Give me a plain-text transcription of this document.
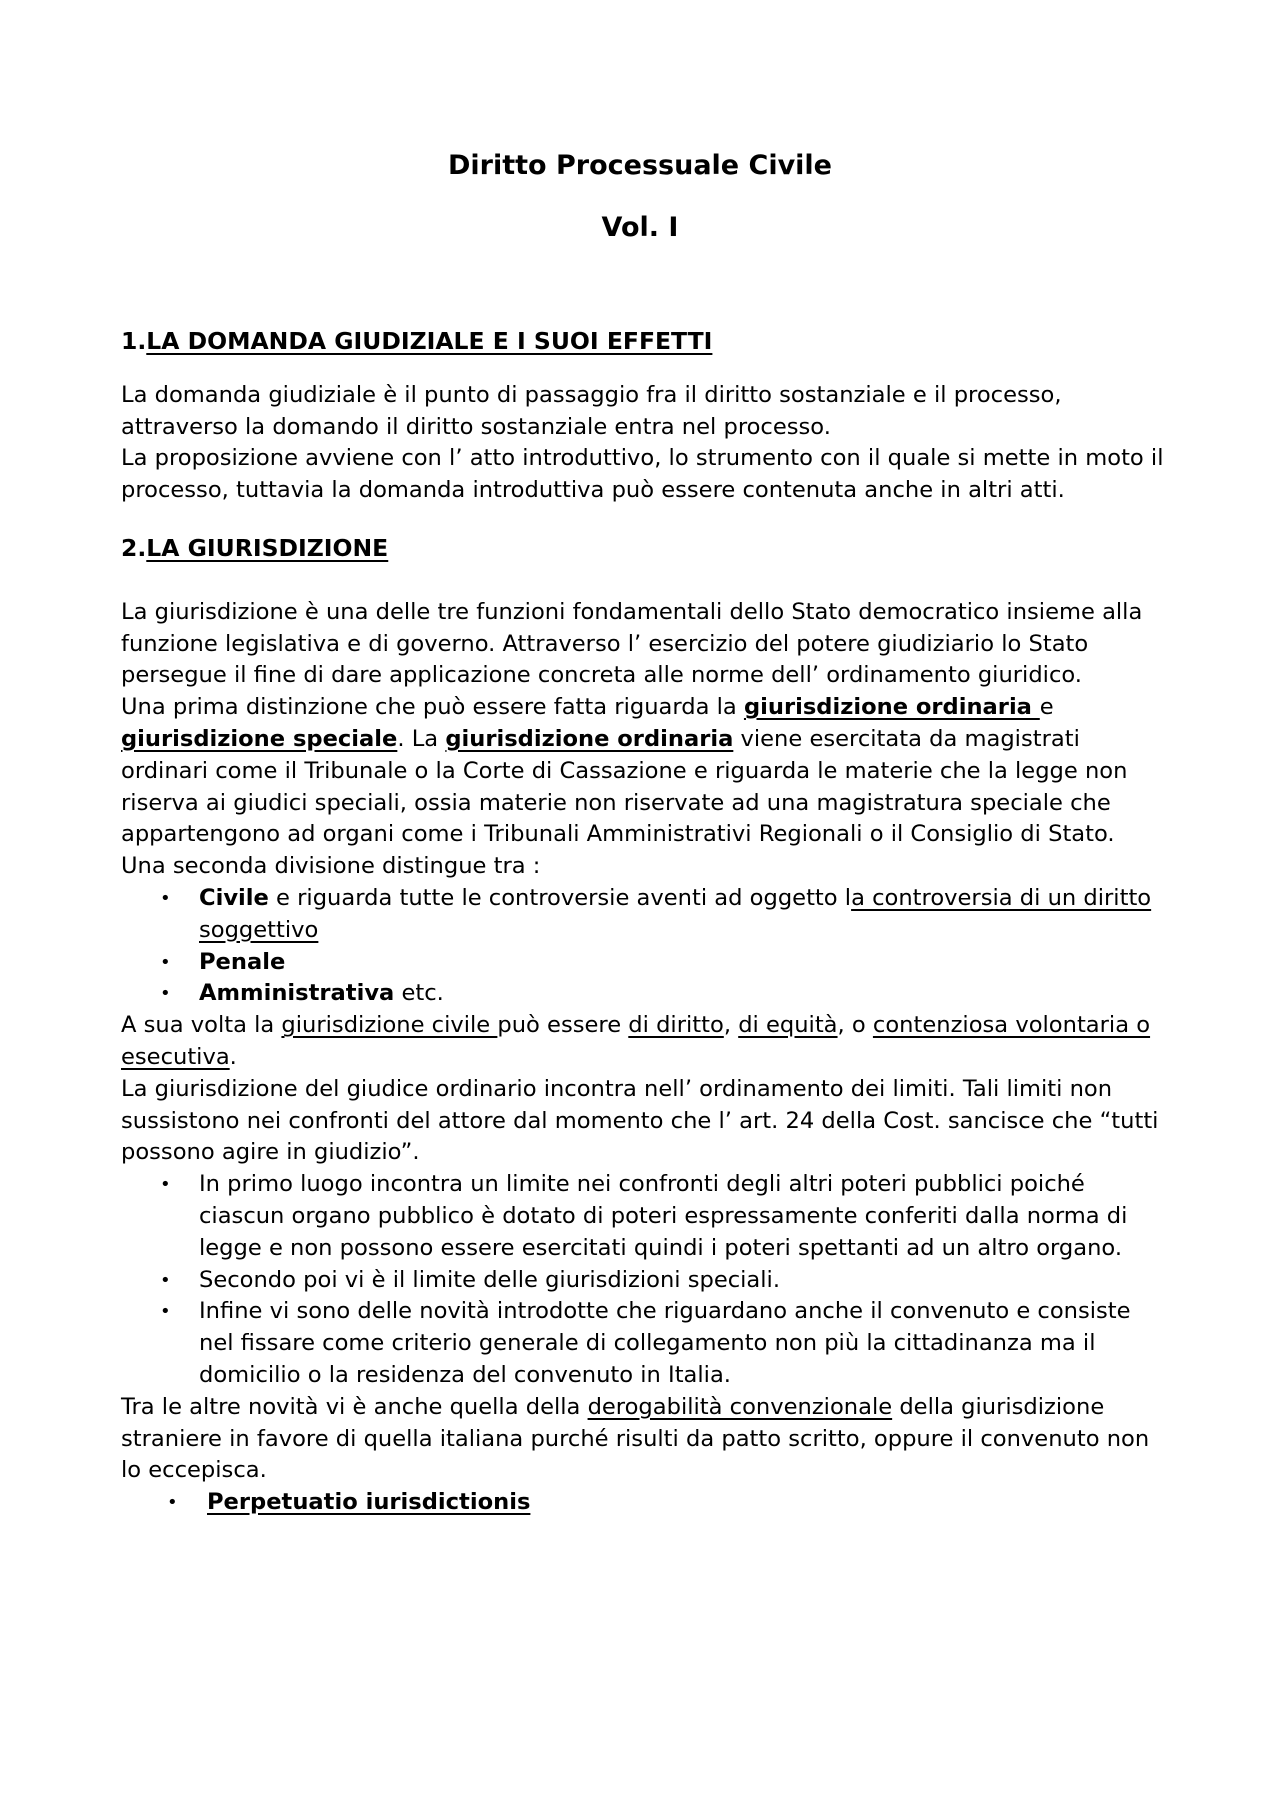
Diritto Processuale Civile
Vol. I

1.LA DOMANDA GIUDIZIALE E I SUOI EFFETTI

La domanda giudiziale è il punto di passaggio fra il diritto sostanziale e il processo, attraverso la domando il diritto sostanziale entra nel processo.

La proposizione avviene con l’ atto introduttivo, lo strumento con il quale si mette in moto il processo, tuttavia la domanda introduttiva può essere contenuta anche in altri atti.

2.LA GIURISDIZIONE

La giurisdizione è una delle tre funzioni fondamentali dello Stato democratico insieme alla funzione legislativa e di governo. Attraverso l’ esercizio del potere giudiziario lo Stato persegue il fine di dare applicazione concreta alle norme dell’ ordinamento giuridico.

Una prima distinzione che può essere fatta riguarda la giurisdizione ordinaria e giurisdizione speciale. La giurisdizione ordinaria viene esercitata da magistrati ordinari come il Tribunale o la Corte di Cassazione e riguarda le materie che la legge non riserva ai giudici speciali, ossia materie non riservate ad una magistratura speciale che appartengono ad organi come i Tribunali Amministrativi Regionali o il Consiglio di Stato.

Una seconda divisione distingue tra :

• Civile e riguarda tutte le controversie aventi ad oggetto la controversia di un diritto soggettivo
• Penale
• Amministrativa etc.

A sua volta la giurisdizione civile può essere di diritto, di equità, o contenziosa volontaria o esecutiva.

La giurisdizione del giudice ordinario incontra nell’ ordinamento dei limiti. Tali limiti non sussistono nei confronti del attore dal momento che l’ art. 24 della Cost. sancisce che “tutti possono agire in giudizio”.

• In primo luogo incontra un limite nei confronti degli altri poteri pubblici poiché ciascun organo pubblico è dotato di poteri espressamente conferiti dalla norma di legge e non possono essere esercitati quindi i poteri spettanti ad un altro organo.
• Secondo poi vi è il limite delle giurisdizioni speciali.
• Infine vi sono delle novità introdotte che riguardano anche il convenuto e consiste nel fissare come criterio generale di collegamento non più la cittadinanza ma il domicilio o la residenza del convenuto in Italia.

Tra le altre novità vi è anche quella della derogabilità convenzionale della giurisdizione straniere in favore di quella italiana purché risulti da patto scritto, oppure il convenuto non lo eccepisca.

• Perpetuatio iurisdictionis
